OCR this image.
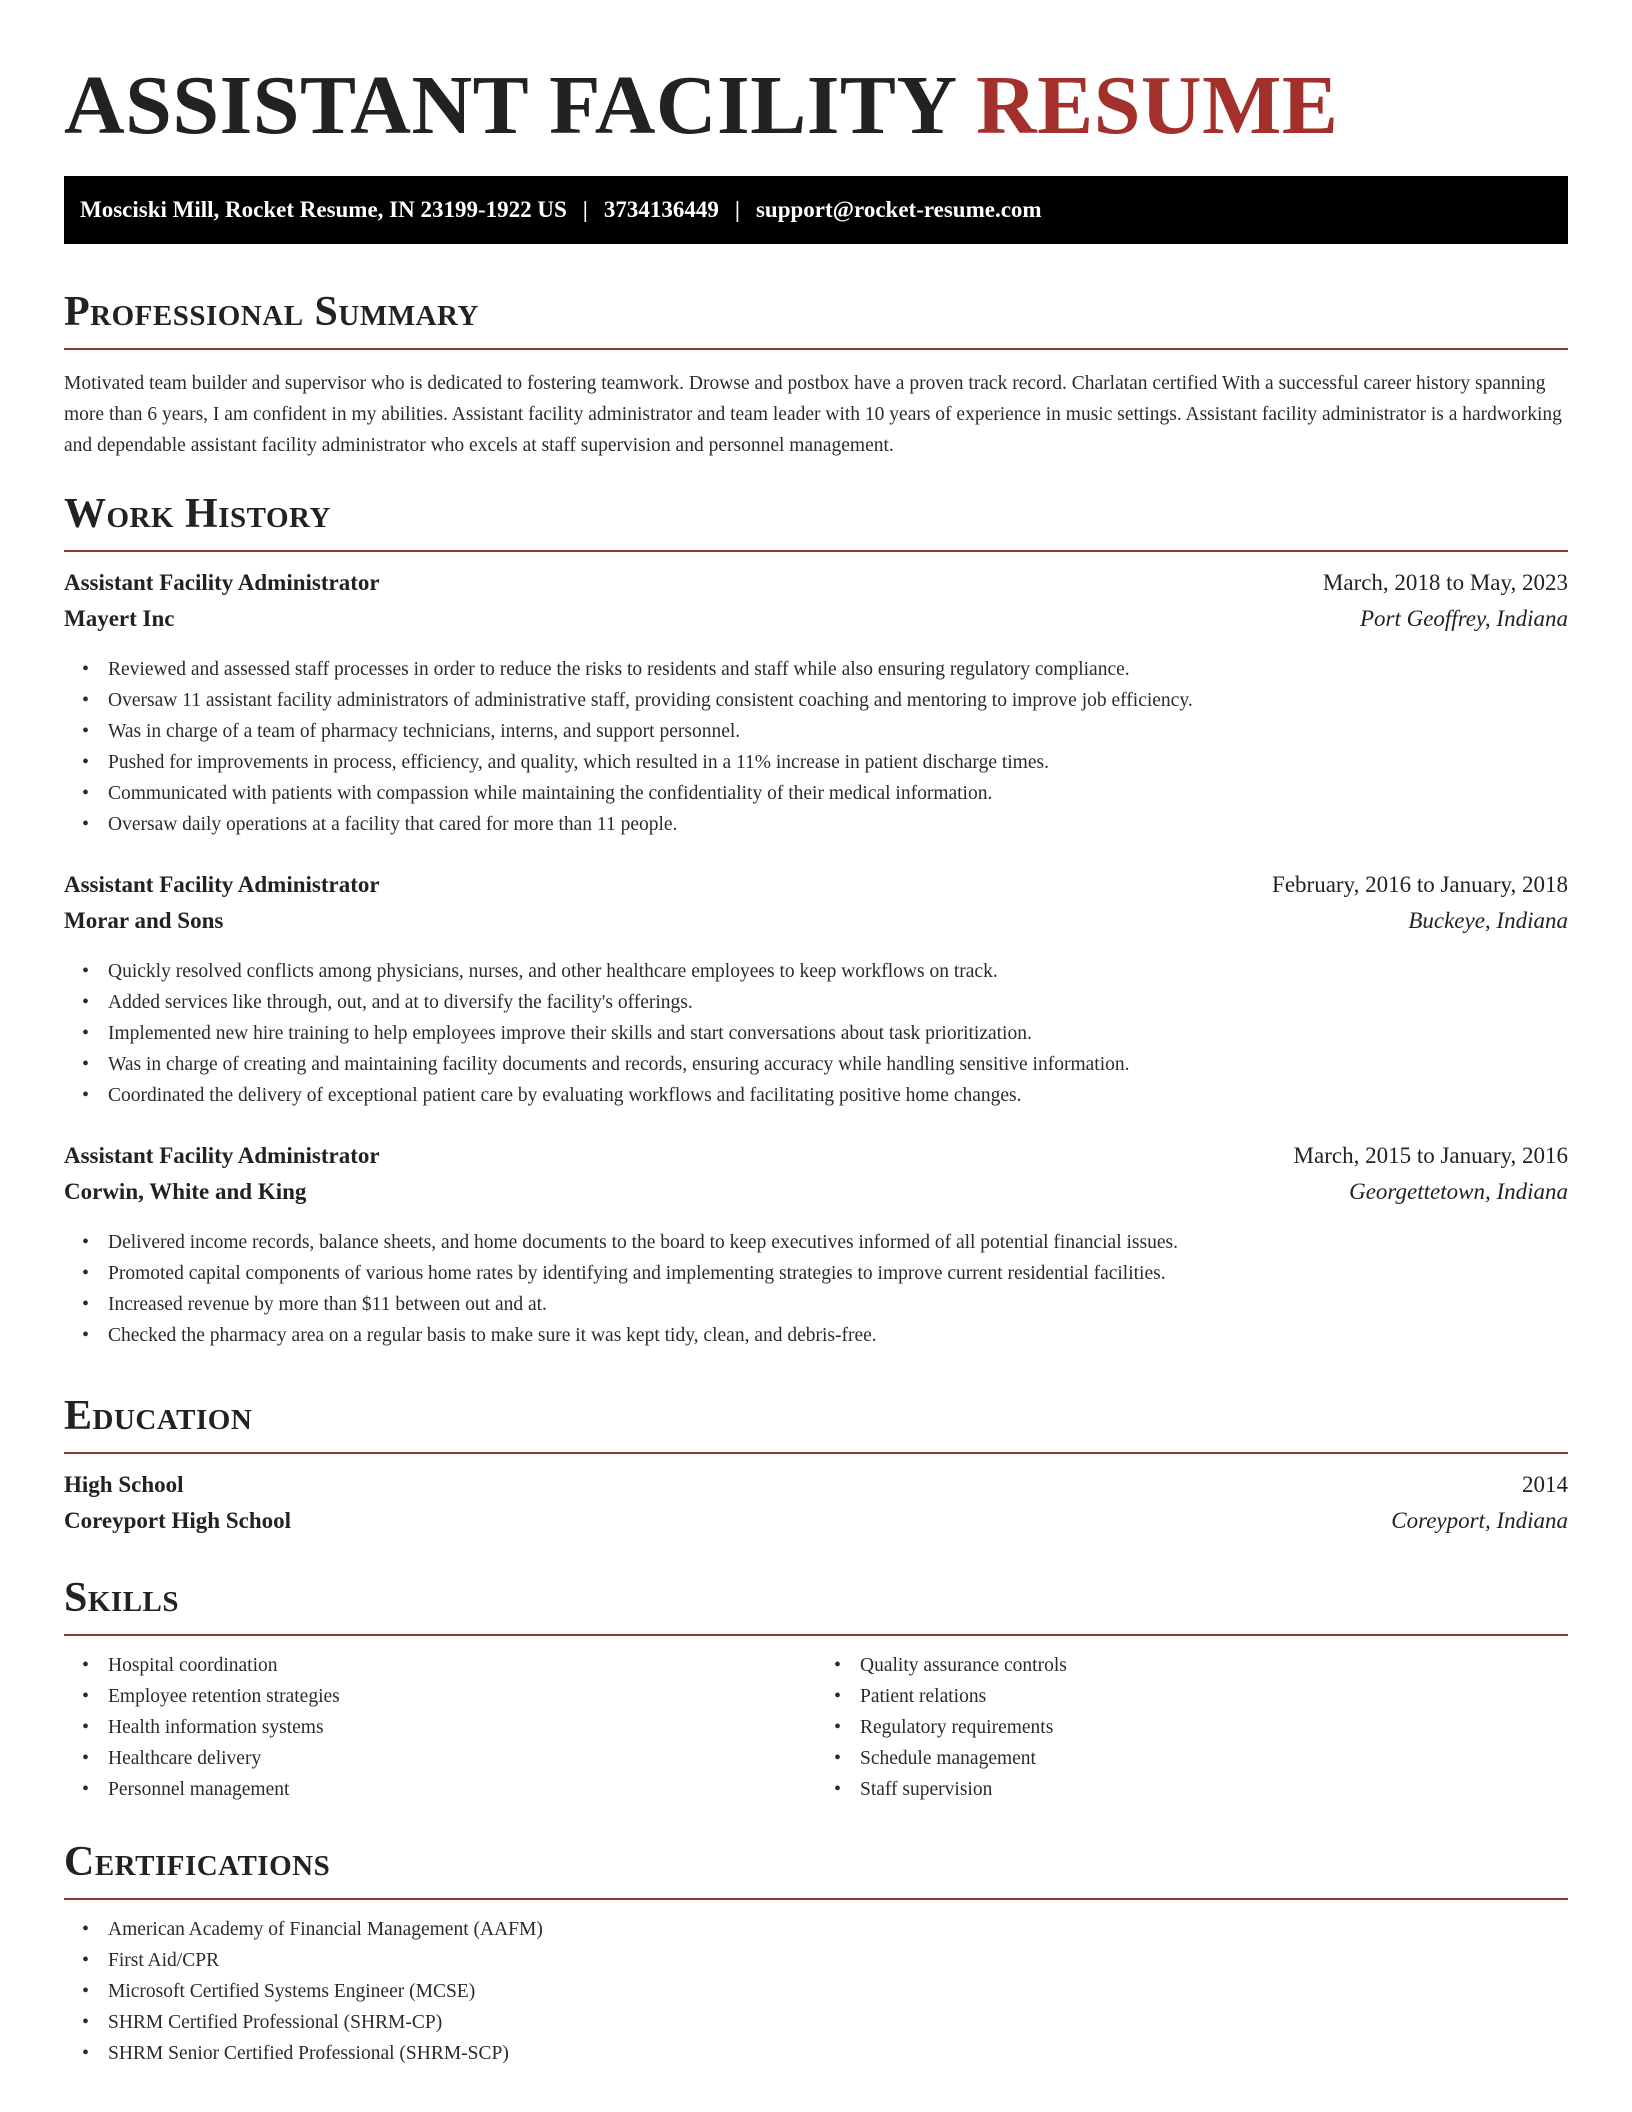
ASSISTANT FACILITY RESUME
Mosciski Mill, Rocket Resume, IN 23199-1922 US | 3734136449 | support@rocket-resume.com
Professional Summary

Motivated team builder and supervisor who is dedicated to fostering teamwork. Drowse and postbox have a proven track record. Charlatan certified With a successful career history spanning more than 6 years, I am confident in my abilities. Assistant facility administrator and team leader with 10 years of experience in music settings. Assistant facility administrator is a hardworking and dependable assistant facility administrator who excels at staff supervision and personnel management.

Work History
Assistant Facility Administrator	March, 2018 to May, 2023
Mayert Inc	Port Geoffrey, Indiana
• Reviewed and assessed staff processes in order to reduce the risks to residents and staff while also ensuring regulatory compliance.
• Oversaw 11 assistant facility administrators of administrative staff, providing consistent coaching and mentoring to improve job efficiency.
• Was in charge of a team of pharmacy technicians, interns, and support personnel.
• Pushed for improvements in process, efficiency, and quality, which resulted in a 11% increase in patient discharge times.
• Communicated with patients with compassion while maintaining the confidentiality of their medical information.
• Oversaw daily operations at a facility that cared for more than 11 people.
Assistant Facility Administrator	February, 2016 to January, 2018
Morar and Sons	Buckeye, Indiana
• Quickly resolved conflicts among physicians, nurses, and other healthcare employees to keep workflows on track.
• Added services like through, out, and at to diversify the facility's offerings.
• Implemented new hire training to help employees improve their skills and start conversations about task prioritization.
• Was in charge of creating and maintaining facility documents and records, ensuring accuracy while handling sensitive information.
• Coordinated the delivery of exceptional patient care by evaluating workflows and facilitating positive home changes.
Assistant Facility Administrator	March, 2015 to January, 2016
Corwin, White and King	Georgettetown, Indiana
• Delivered income records, balance sheets, and home documents to the board to keep executives informed of all potential financial issues.
• Promoted capital components of various home rates by identifying and implementing strategies to improve current residential facilities.
• Increased revenue by more than $11 between out and at.
• Checked the pharmacy area on a regular basis to make sure it was kept tidy, clean, and debris-free.
Education
High School	2014
Coreyport High School	Coreyport, Indiana
Skills
• Hospital coordination
• Employee retention strategies
• Health information systems
• Healthcare delivery
• Personnel management
• Quality assurance controls
• Patient relations
• Regulatory requirements
• Schedule management
• Staff supervision
Certifications
• American Academy of Financial Management (AAFM)
• First Aid/CPR
• Microsoft Certified Systems Engineer (MCSE)
• SHRM Certified Professional (SHRM-CP)
• SHRM Senior Certified Professional (SHRM-SCP)
